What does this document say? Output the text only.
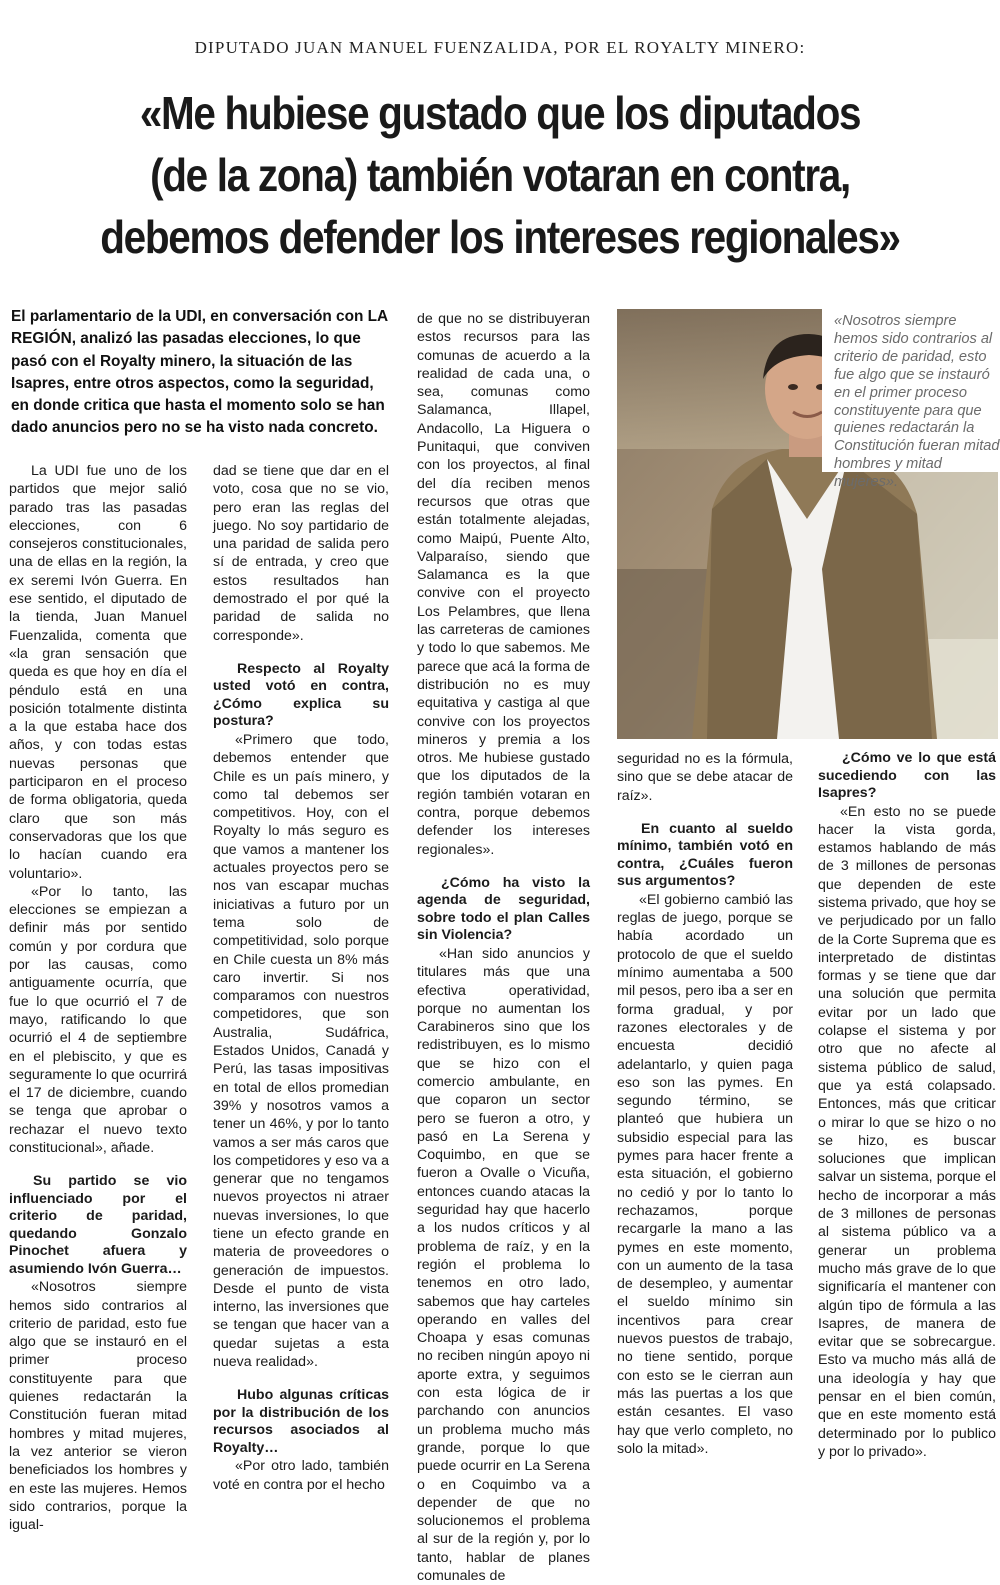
DIPUTADO JUAN MANUEL FUENZALIDA, POR EL ROYALTY MINERO:
«Me hubiese gustado que los diputados
(de la zona) también votaran en contra,
debemos defender los intereses regionales»
El parlamentario de la UDI, en conversación con LA REGIÓN, analizó las pasadas elecciones, lo que pasó con el Royalty minero, la situación de las Isapres, entre otros aspectos, como la seguridad, en donde critica que hasta el momento solo se han dado anuncios pero no se ha visto nada concreto.

La UDI fue uno de los partidos que mejor salió parado tras las pasadas elecciones, con 6 consejeros constitucionales, una de ellas en la región, la ex seremi Ivón Guerra. En ese sentido, el diputado de la tienda, Juan Manuel Fuenzalida, comenta que «la gran sensación que queda es que hoy en día el péndulo está en una posición totalmente distinta a la que estaba hace dos años, y con todas estas nuevas personas que participaron en el proceso de forma obligatoria, queda claro que son más conservadoras que los que lo hacían cuando era voluntario».

«Por lo tanto, las elecciones se empiezan a definir más por sentido común y por cordura que por las causas, como antiguamente ocurría, que fue lo que ocurrió el 7 de mayo, ratificando lo que ocurrió el 4 de septiembre en el plebiscito, y que es seguramente lo que ocurrirá el 17 de diciembre, cuando se tenga que aprobar o rechazar el nuevo texto constitucional», añade.

Su partido se vio influenciado por el criterio de paridad, quedando Gonzalo Pinochet afuera y asumiendo Ivón Guerra…

«Nosotros siempre hemos sido contrarios al criterio de paridad, esto fue algo que se instauró en el primer proceso constituyente para que quienes redactarán la Constitución fueran mitad hombres y mitad mujeres, la vez anterior se vieron beneficiados los hombres y en este las mujeres. Hemos sido contrarios, porque la igual-

dad se tiene que dar en el voto, cosa que no se vio, pero eran las reglas del juego. No soy partidario de una paridad de salida pero sí de entrada, y creo que estos resultados han demostrado el por qué la paridad de salida no corresponde».

Respecto al Royalty usted votó en contra, ¿Cómo explica su postura?

«Primero que todo, debemos entender que Chile es un país minero, y como tal debemos ser competitivos. Hoy, con el Royalty lo más seguro es que vamos a mantener los actuales proyectos pero se nos van escapar muchas iniciativas a futuro por un tema solo de competitividad, solo porque en Chile cuesta un 8% más caro invertir. Si nos comparamos con nuestros competidores, que son Australia, Sudáfrica, Estados Unidos, Canadá y Perú, las tasas impositivas en total de ellos promedian 39% y nosotros vamos a tener un 46%, y por lo tanto vamos a ser más caros que los competidores y eso va a generar que no tengamos nuevos proyectos ni atraer nuevas inversiones, lo que tiene un efecto grande en materia de proveedores o generación de impuestos. Desde el punto de vista interno, las inversiones que se tengan que hacer van a quedar sujetas a esta nueva realidad».

Hubo algunas críticas por la distribución de los recursos asociados al Royalty…

«Por otro lado, también voté en contra por el hecho

de que no se distribuyeran estos recursos para las comunas de acuerdo a la realidad de cada una, o sea, comunas como Salamanca, Illapel, Andacollo, La Higuera o Punitaqui, que conviven con los proyectos, al final del día reciben menos recursos que otras que están totalmente alejadas, como Maipú, Puente Alto, Valparaíso, siendo que Salamanca es la que convive con el proyecto Los Pelambres, que llena las carreteras de camiones y todo lo que sabemos. Me parece que acá la forma de distribución no es muy equitativa y castiga al que convive con los proyectos mineros y premia a los otros. Me hubiese gustado que los diputados de la región también votaran en contra, porque debemos defender los intereses regionales».

¿Cómo ha visto la agenda de seguridad, sobre todo el plan Calles sin Violencia?

«Han sido anuncios y titulares más que una efectiva operatividad, porque no aumentan los Carabineros sino que los redistribuyen, es lo mismo que se hizo con el comercio ambulante, en que coparon un sector pero se fueron a otro, y pasó en La Serena y Coquimbo, en que se fueron a Ovalle o Vicuña, entonces cuando atacas la seguridad hay que hacerlo a los nudos críticos y al problema de raíz, y en la región el problema lo tenemos en otro lado, sabemos que hay carteles operando en valles del Choapa y esas comunas no reciben ningún apoyo ni aporte extra, y seguimos con esta lógica de ir parchando con anuncios un problema mucho más grande, porque lo que puede ocurrir en La Serena o en Coquimbo va a depender de que no solucionemos el problema al sur de la región y, por lo tanto, hablar de planes comunales de

«Nosotros siempre hemos sido contrarios al criterio de paridad, esto fue algo que se instauró en el primer proceso constituyente para que quienes redactarán la Constitución fueran mitad hombres y mitad mujeres».

seguridad no es la fórmula, sino que se debe atacar de raíz».

En cuanto al sueldo mínimo, también votó en contra, ¿Cuáles fueron sus argumentos?

«El gobierno cambió las reglas de juego, porque se había acordado un protocolo de que el sueldo mínimo aumentaba a 500 mil pesos, pero iba a ser en forma gradual, y por razones electorales y de encuesta decidió adelantarlo, y quien paga eso son las pymes. En segundo término, se planteó que hubiera un subsidio especial para las pymes para hacer frente a esta situación, el gobierno no cedió y por lo tanto lo rechazamos, porque recargarle la mano a las pymes en este momento, con un aumento de la tasa de desempleo, y aumentar el sueldo mínimo sin incentivos para crear nuevos puestos de trabajo, no tiene sentido, porque con esto se le cierran aun más las puertas a los que están cesantes. El vaso hay que verlo completo, no solo la mitad».

¿Cómo ve lo que está sucediendo con las Isapres?

«En esto no se puede hacer la vista gorda, estamos hablando de más de 3 millones de personas que dependen de este sistema privado, que hoy se ve perjudicado por un fallo de la Corte Suprema que es interpretado de distintas formas y se tiene que dar una solución que permita evitar por un lado que colapse el sistema y por otro que no afecte al sistema público de salud, que ya está colapsado. Entonces, más que criticar o mirar lo que se hizo o no se hizo, es buscar soluciones que implican salvar un sistema, porque el hecho de incorporar a más de 3 millones de personas al sistema público va a generar un problema mucho más grave de lo que significaría el mantener con algún tipo de fórmula a las Isapres, de manera de evitar que se sobrecargue. Esto va mucho más allá de una ideología y hay que pensar en el bien común, que en este momento está determinado por lo publico y por lo privado».
